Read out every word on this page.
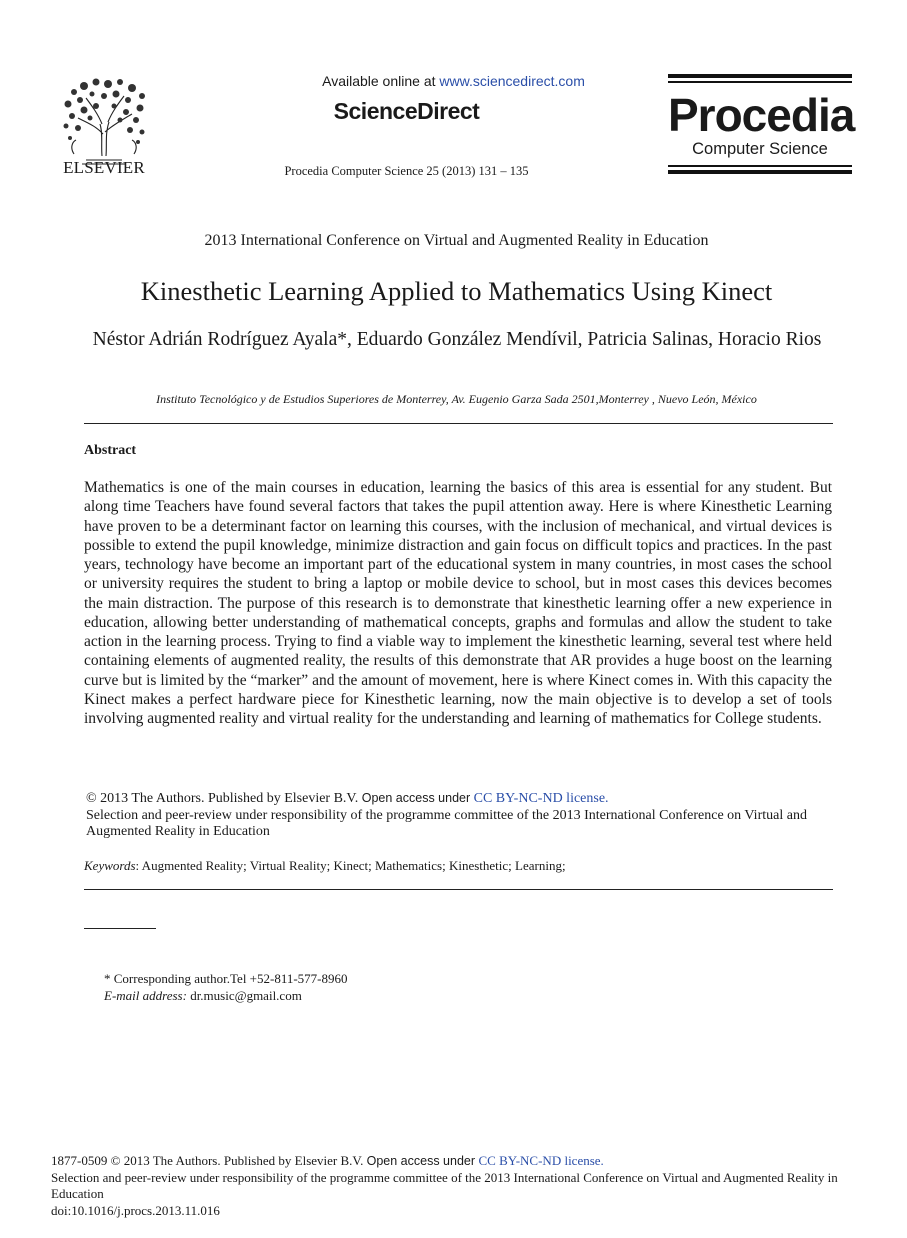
ELSEVIER
Available online at www.sciencedirect.com
ScienceDirect
Procedia Computer Science 25 (2013) 131 – 135
Procedia
Computer Science
2013 International Conference on Virtual and Augmented Reality in Education
Kinesthetic Learning Applied to Mathematics Using Kinect
Néstor Adrián Rodríguez Ayala*, Eduardo González Mendívil, Patricia Salinas, Horacio Rios
Instituto Tecnológico y de Estudios Superiores de Monterrey, Av. Eugenio Garza Sada 2501,Monterrey , Nuevo León, México
Abstract
Mathematics is one of the main courses in education, learning the basics of this area is essential for any student. But along time Teachers have found several factors that takes the pupil attention away. Here is where Kinesthetic Learning have proven to be a determinant factor on learning this courses, with the inclusion of mechanical, and virtual devices is possible to extend the pupil knowledge, minimize distraction and gain focus on difficult topics and practices. In the past years, technology have become an important part of the educational system in many countries, in most cases the school or university requires the student to bring a laptop or mobile device to school, but in most cases this devices becomes the main distraction. The purpose of this research is to demonstrate that kinesthetic learning offer a new experience in education, allowing better understanding of mathematical concepts, graphs and formulas and allow the student to take action in the learning process. Trying to find a viable way to implement the kinesthetic learning, several test where held containing elements of augmented reality, the results of this demonstrate that AR provides a huge boost on the learning curve but is limited by the “marker” and the amount of movement, here is where Kinect comes in. With this capacity the Kinect makes a perfect hardware piece for Kinesthetic learning, now the main objective is to develop a set of tools involving augmented reality and virtual reality for the understanding and learning of mathematics for College students.
© 2013 The Authors. Published by Elsevier B.V. Open access under CC BY-NC-ND license.
Selection and peer-review under responsibility of the programme committee of the 2013 International Conference on Virtual and Augmented Reality in Education
Keywords: Augmented Reality; Virtual Reality; Kinect; Mathematics; Kinesthetic; Learning;
* Corresponding author.Tel +52-811-577-8960
E-mail address: dr.music@gmail.com
1877-0509 © 2013 The Authors. Published by Elsevier B.V. Open access under CC BY-NC-ND license.
Selection and peer-review under responsibility of the programme committee of the 2013 International Conference on Virtual and Augmented Reality in Education
doi:10.1016/j.procs.2013.11.016
